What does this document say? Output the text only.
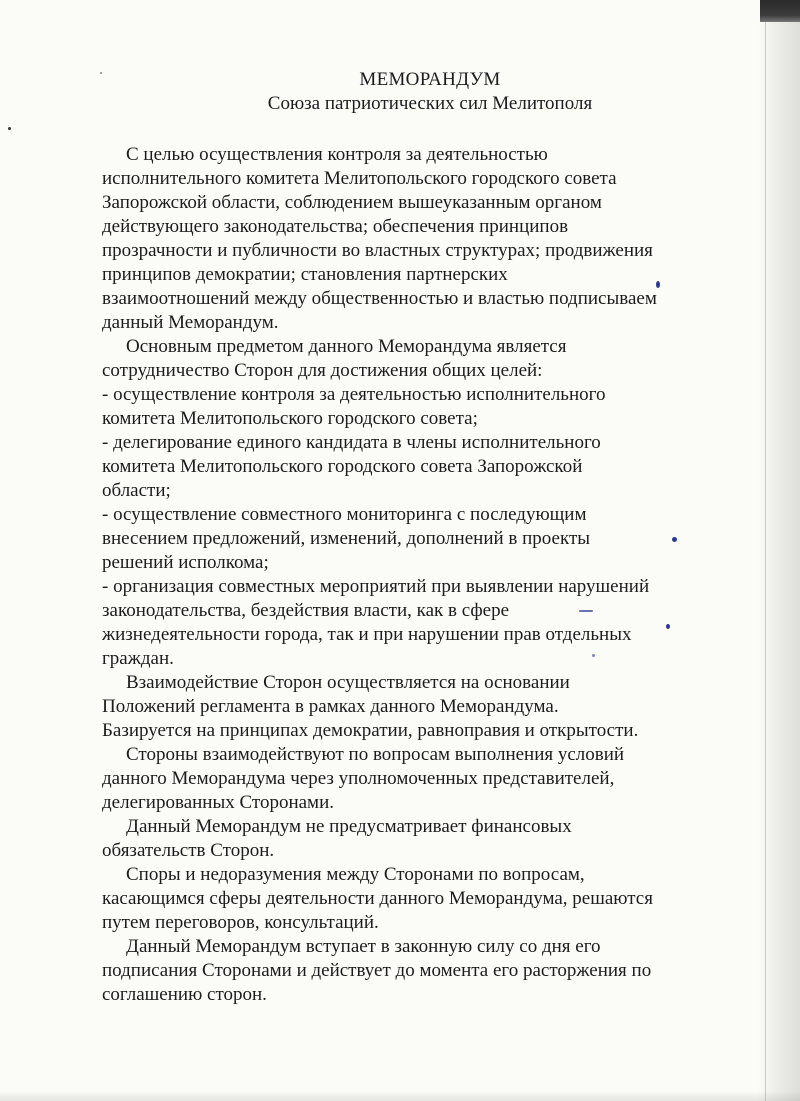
МЕМОРАНДУМ
Союза патриотических сил Мелитополя
С целью осуществления контроля за деятельностью
исполнительного комитета Мелитопольского городского совета
Запорожской области, соблюдением вышеуказанным органом
действующего законодательства; обеспечения принципов
прозрачности и публичности во властных структурах; продвижения
принципов демократии; становления партнерских
взаимоотношений между общественностью и властью подписываем
данный Меморандум.
Основным предметом данного Меморандума является
сотрудничество Сторон для достижения общих целей:
- осуществление контроля за деятельностью исполнительного
комитета Мелитопольского городского совета;
- делегирование единого кандидата в члены исполнительного
комитета Мелитопольского городского совета Запорожской
области;
- осуществление совместного мониторинга с последующим
внесением предложений, изменений, дополнений в проекты
решений исполкома;
- организация совместных мероприятий при выявлении нарушений
законодательства, бездействия власти, как в сфере
жизнедеятельности города, так и при нарушении прав отдельных
граждан.
Взаимодействие Сторон осуществляется на основании
Положений регламента в рамках данного Меморандума.
Базируется на принципах демократии, равноправия и открытости.
Стороны взаимодействуют по вопросам выполнения условий
данного Меморандума через уполномоченных представителей,
делегированных Сторонами.
Данный Меморандум не предусматривает финансовых
обязательств Сторон.
Споры и недоразумения между Сторонами по вопросам,
касающимся сферы деятельности данного Меморандума, решаются
путем переговоров, консультаций.
Данный Меморандум вступает в законную силу со дня его
подписания Сторонами и действует до момента его расторжения по
соглашению сторон.
